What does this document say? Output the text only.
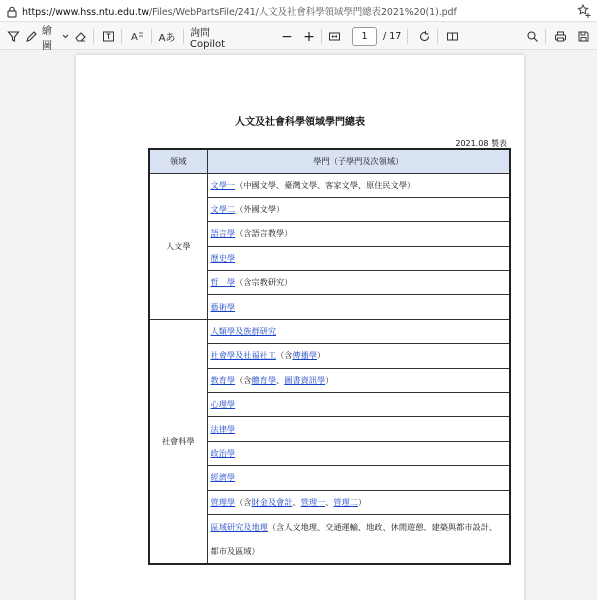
https://www.hss.ntu.edu.tw/Files/WebPartsFile/241/人文及社會科學領域學門總表2021%20(1).pdf
繪圖
A Aあ 詢問 Copilot	− +	1	/ 17
人文及社會科學領域學門總表
2021.08 製表
領域	學門（子學門及次領域）
人文學	文學一（中國文學、臺灣文學、客家文學、原住民文學）
	文學二（外國文學）
	語言學（含語言教學）
	歷史學
	哲　學（含宗教研究）
	藝術學
社會科學	人類學及族群研究
	社會學及社福社工（含傳播學）
	教育學（含體育學、圖書資訊學）
	心理學
	法律學
	政治學
	經濟學
	管理學（含財金及會計、管理一、管理二）
	區域研究及地理（含人文地理、交通運輸、地政、休閒遊憩、建築與都市設計、
都市及區域）
